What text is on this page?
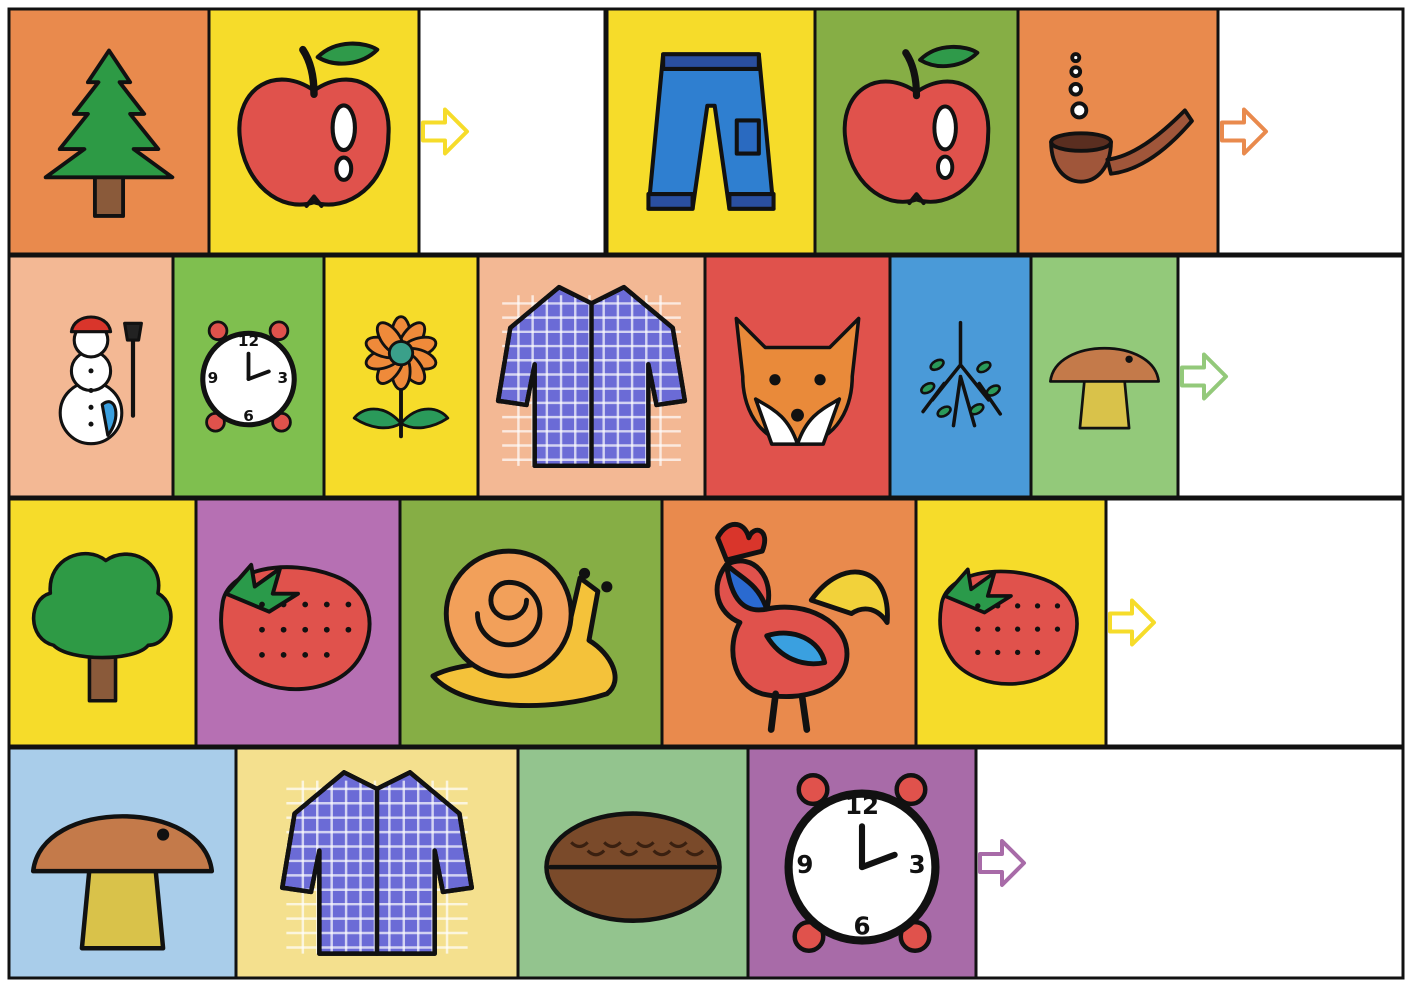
12
3
6
9
12
3
6
9
